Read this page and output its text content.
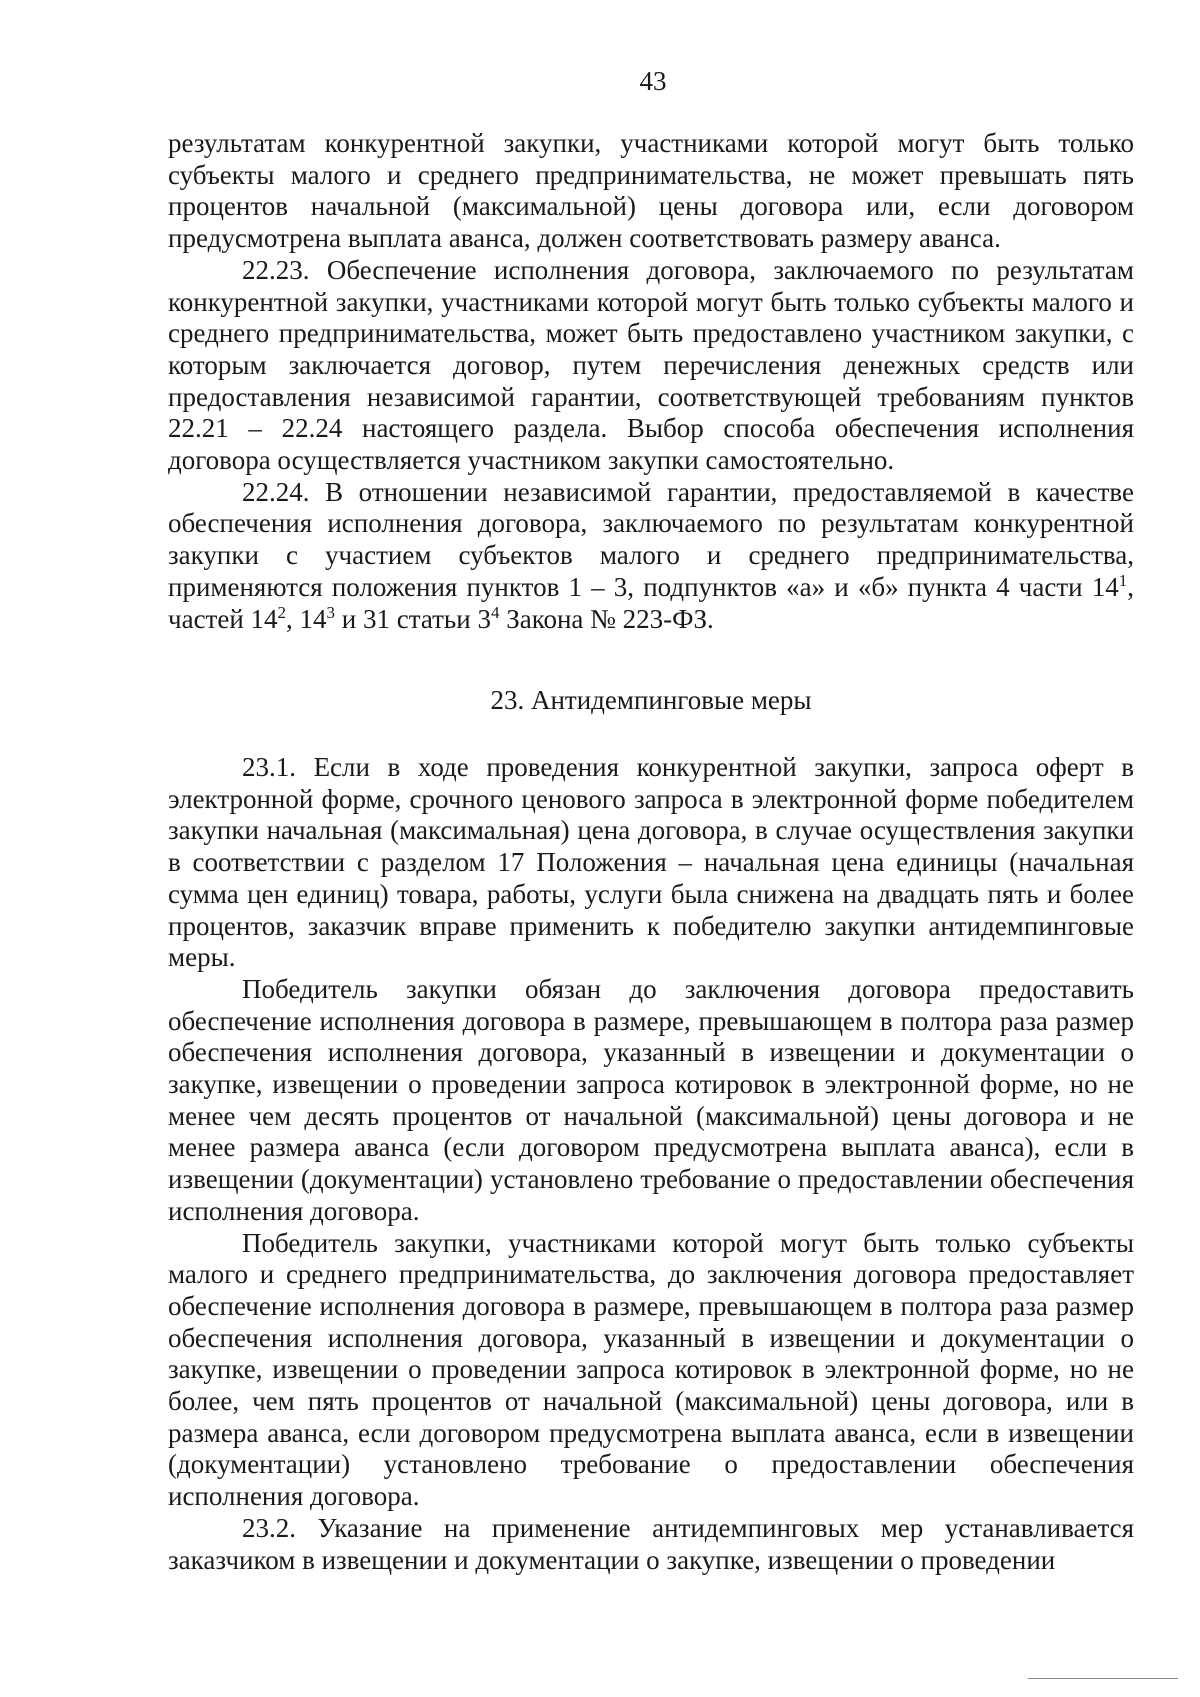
43

результатам конкурентной закупки, участниками которой могут быть только субъекты малого и среднего предпринимательства, не может превышать пять процентов начальной (максимальной) цены договора или, если договором предусмотрена выплата аванса, должен соответствовать размеру аванса.

22.23. Обеспечение исполнения договора, заключаемого по результатам конкурентной закупки, участниками которой могут быть только субъекты малого и среднего предпринимательства, может быть предоставлено участником закупки, с которым заключается договор, путем перечисления денежных средств или предоставления независимой гарантии, соответствующей требованиям пунктов 22.21 – 22.24 настоящего раздела. Выбор способа обеспечения исполнения договора осуществляется участником закупки самостоятельно.

22.24. В отношении независимой гарантии, предоставляемой в качестве обеспечения исполнения договора, заключаемого по результатам конкурентной закупки с участием субъектов малого и среднего предпринимательства, применяются положения пунктов 1 – 3, подпунктов «а» и «б» пункта 4 части $14^1$, частей $14^2$, $14^3$ и 31 статьи $3^4$ Закона № 223-ФЗ.

23. Антидемпинговые меры

23.1. Если в ходе проведения конкурентной закупки, запроса оферт в электронной форме, срочного ценового запроса в электронной форме победителем закупки начальная (максимальная) цена договора, в случае осуществления закупки в соответствии с разделом 17 Положения – начальная цена единицы (начальная сумма цен единиц) товара, работы, услуги была снижена на двадцать пять и более процентов, заказчик вправе применить к победителю закупки антидемпинговые меры.

Победитель закупки обязан до заключения договора предоставить обеспечение исполнения договора в размере, превышающем в полтора раза размер обеспечения исполнения договора, указанный в извещении и документации о закупке, извещении о проведении запроса котировок в электронной форме, но не менее чем десять процентов от начальной (максимальной) цены договора и не менее размера аванса (если договором предусмотрена выплата аванса), если в извещении (документации) установлено требование о предоставлении обеспечения исполнения договора.

Победитель закупки, участниками которой могут быть только субъекты малого и среднего предпринимательства, до заключения договора предоставляет обеспечение исполнения договора в размере, превышающем в полтора раза размер обеспечения исполнения договора, указанный в извещении и документации о закупке, извещении о проведении запроса котировок в электронной форме, но не более, чем пять процентов от начальной (максимальной) цены договора, или в размера аванса, если договором предусмотрена выплата аванса, если в извещении (документации) установлено требование о предоставлении обеспечения исполнения договора.

23.2. Указание на применение антидемпинговых мер устанавливается заказчиком в извещении и документации о закупке, извещении о проведении
